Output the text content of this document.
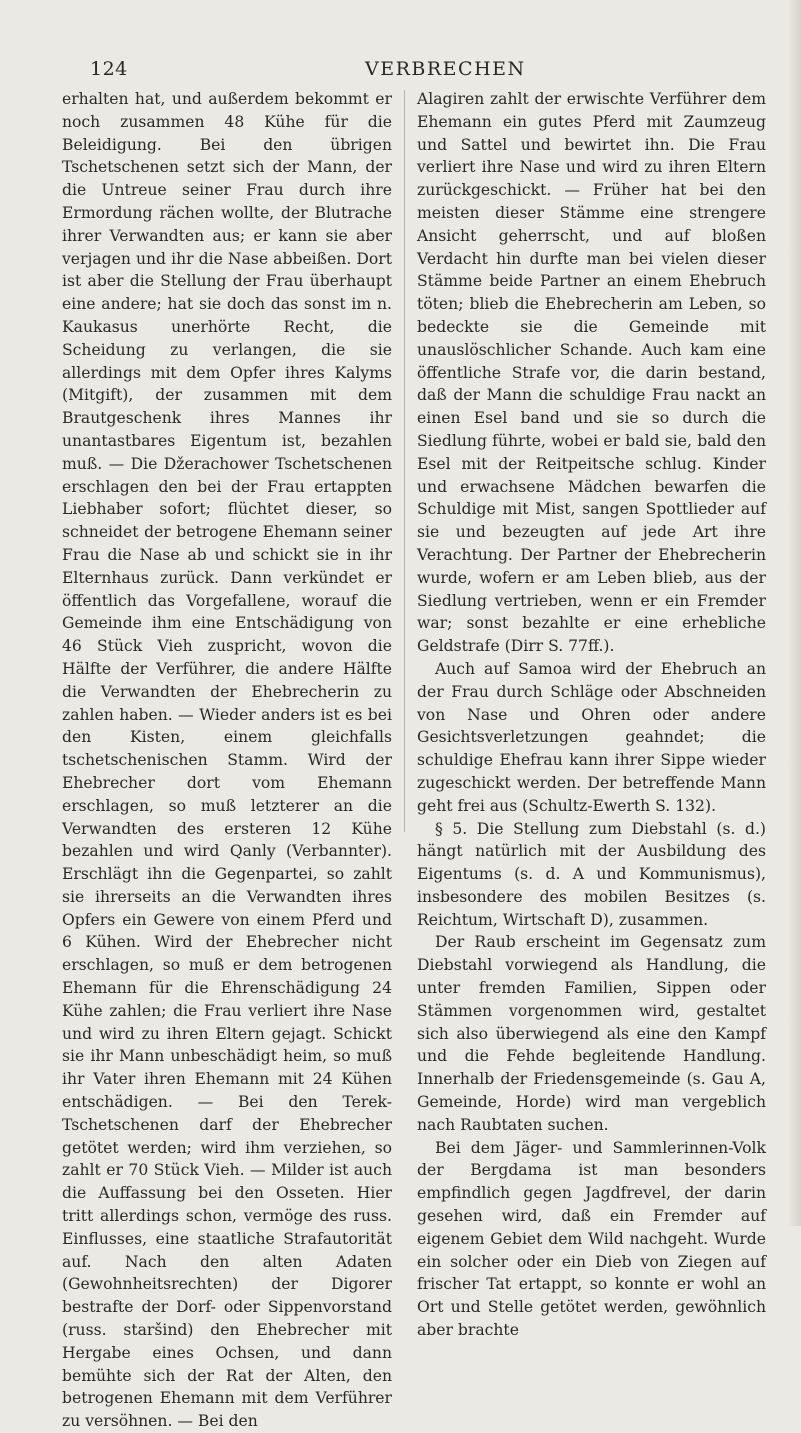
124	VERBRECHEN

erhalten hat, und außerdem bekommt er noch zusammen 48 Kühe für die Beleidigung. Bei den übrigen Tschetschenen setzt sich der Mann, der die Untreue seiner Frau durch ihre Ermordung rächen wollte, der Blutrache ihrer Verwandten aus; er kann sie aber verjagen und ihr die Nase abbeißen. Dort ist aber die Stellung der Frau überhaupt eine andere; hat sie doch das sonst im n. Kaukasus unerhörte Recht, die Scheidung zu verlangen, die sie allerdings mit dem Opfer ihres Kalyms (Mitgift), der zusammen mit dem Brautgeschenk ihres Mannes ihr unantastbares Eigentum ist, bezahlen muß. — Die Džerachower Tschetschenen erschlagen den bei der Frau ertappten Liebhaber sofort; flüchtet dieser, so schneidet der betrogene Ehemann seiner Frau die Nase ab und schickt sie in ihr Elternhaus zurück. Dann verkündet er öffentlich das Vorgefallene, worauf die Gemeinde ihm eine Entschädigung von 46 Stück Vieh zuspricht, wovon die Hälfte der Verführer, die andere Hälfte die Verwandten der Ehebrecherin zu zahlen haben. — Wieder anders ist es bei den Kisten, einem gleichfalls tschetschenischen Stamm. Wird der Ehebrecher dort vom Ehemann erschlagen, so muß letzterer an die Verwandten des ersteren 12 Kühe bezahlen und wird Qanly (Verbannter). Erschlägt ihn die Gegenpartei, so zahlt sie ihrerseits an die Verwandten ihres Opfers ein Gewere von einem Pferd und 6 Kühen. Wird der Ehebrecher nicht erschlagen, so muß er dem betrogenen Ehemann für die Ehrenschädigung 24 Kühe zahlen; die Frau verliert ihre Nase und wird zu ihren Eltern gejagt. Schickt sie ihr Mann unbeschädigt heim, so muß ihr Vater ihren Ehemann mit 24 Kühen entschädigen. — Bei den Terek-Tschetschenen darf der Ehebrecher getötet werden; wird ihm verziehen, so zahlt er 70 Stück Vieh. — Milder ist auch die Auffassung bei den Osseten. Hier tritt allerdings schon, vermöge des russ. Einflusses, eine staatliche Strafautorität auf. Nach den alten Adaten (Gewohnheitsrechten) der Digorer bestrafte der Dorf- oder Sippenvorstand (russ. staršind) den Ehebrecher mit Hergabe eines Ochsen, und dann bemühte sich der Rat der Alten, den betrogenen Ehemann mit dem Verführer zu versöhnen. — Bei den

Alagiren zahlt der erwischte Verführer dem Ehemann ein gutes Pferd mit Zaumzeug und Sattel und bewirtet ihn. Die Frau verliert ihre Nase und wird zu ihren Eltern zurückgeschickt. — Früher hat bei den meisten dieser Stämme eine strengere Ansicht geherrscht, und auf bloßen Verdacht hin durfte man bei vielen dieser Stämme beide Partner an einem Ehebruch töten; blieb die Ehebrecherin am Leben, so bedeckte sie die Gemeinde mit unauslöschlicher Schande. Auch kam eine öffentliche Strafe vor, die darin bestand, daß der Mann die schuldige Frau nackt an einen Esel band und sie so durch die Siedlung führte, wobei er bald sie, bald den Esel mit der Reitpeitsche schlug. Kinder und erwachsene Mädchen bewarfen die Schuldige mit Mist, sangen Spottlieder auf sie und bezeugten auf jede Art ihre Verachtung. Der Partner der Ehebrecherin wurde, wofern er am Leben blieb, aus der Siedlung vertrieben, wenn er ein Fremder war; sonst bezahlte er eine erhebliche Geldstrafe (Dirr S. 77ff.).

Auch auf Samoa wird der Ehebruch an der Frau durch Schläge oder Abschneiden von Nase und Ohren oder andere Gesichtsverletzungen geahndet; die schuldige Ehefrau kann ihrer Sippe wieder zugeschickt werden. Der betreffende Mann geht frei aus (Schultz-Ewerth S. 132).

§ 5. Die Stellung zum Diebstahl (s. d.) hängt natürlich mit der Ausbildung des Eigentums (s. d. A und Kommunismus), insbesondere des mobilen Besitzes (s. Reichtum, Wirtschaft D), zusammen.

Der Raub erscheint im Gegensatz zum Diebstahl vorwiegend als Handlung, die unter fremden Familien, Sippen oder Stämmen vorgenommen wird, gestaltet sich also überwiegend als eine den Kampf und die Fehde begleitende Handlung. Innerhalb der Friedensgemeinde (s. Gau A, Gemeinde, Horde) wird man vergeblich nach Raubtaten suchen.

Bei dem Jäger- und Sammlerinnen-Volk der Bergdama ist man besonders empfindlich gegen Jagdfrevel, der darin gesehen wird, daß ein Fremder auf eigenem Gebiet dem Wild nachgeht. Wurde ein solcher oder ein Dieb von Ziegen auf frischer Tat ertappt, so konnte er wohl an Ort und Stelle getötet werden, gewöhnlich aber brachte
